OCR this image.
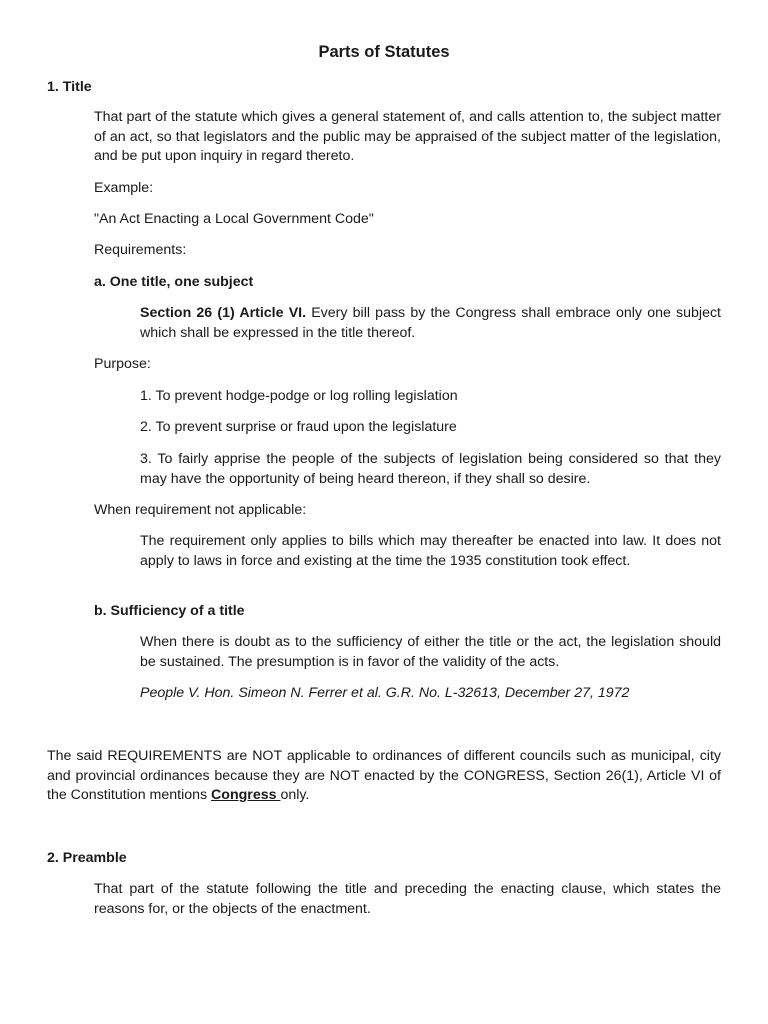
Parts of Statutes
1. Title
That part of the statute which gives a general statement of, and calls attention to, the subject matter of an act, so that legislators and the public may be appraised of the subject matter of the legislation, and be put upon inquiry in regard thereto.
Example:
"An Act Enacting a Local Government Code"
Requirements:
a. One title, one subject
Section 26 (1) Article VI. Every bill pass by the Congress shall embrace only one subject which shall be expressed in the title thereof.
Purpose:
1. To prevent hodge-podge or log rolling legislation
2. To prevent surprise or fraud upon the legislature
3. To fairly apprise the people of the subjects of legislation being considered so that they may have the opportunity of being heard thereon, if they shall so desire.
When requirement not applicable:
The requirement only applies to bills which may thereafter be enacted into law. It does not apply to laws in force and existing at the time the 1935 constitution took effect.
b. Sufficiency of a title
When there is doubt as to the sufficiency of either the title or the act, the legislation should be sustained. The presumption is in favor of the validity of the acts.
People V. Hon. Simeon N. Ferrer et al. G.R. No. L-32613, December 27, 1972
The said REQUIREMENTS are NOT applicable to ordinances of different councils such as municipal, city and provincial ordinances because they are NOT enacted by the CONGRESS, Section 26(1), Article VI of the Constitution mentions Congress only.
2. Preamble
That part of the statute following the title and preceding the enacting clause, which states the reasons for, or the objects of the enactment.
